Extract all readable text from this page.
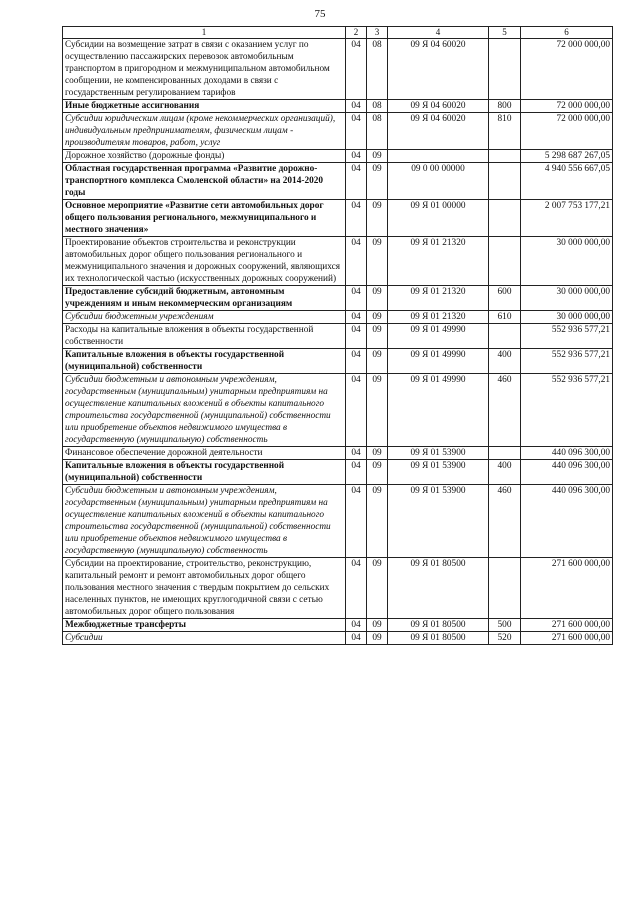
75
1	2	3	4	5	6
Субсидии на возмещение затрат в связи с оказанием услуг по осуществлению пассажирских перевозок автомобильным транспортом в пригородном и межмуниципальном автомобильном сообщении, не компенсированных доходами в связи с государственным регулированием тарифов	04	08	09 Я 04 60020		72 000 000,00
Иные бюджетные ассигнования	04	08	09 Я 04 60020	800	72 000 000,00
Субсидии юридическим лицам (кроме некоммерческих организаций), индивидуальным предпринимателям, физическим лицам - производителям товаров, работ, услуг	04	08	09 Я 04 60020	810	72 000 000,00
Дорожное хозяйство (дорожные фонды)	04	09			5 298 687 267,05
Областная государственная программа «Развитие дорожно-транспортного комплекса Смоленской области» на 2014-2020 годы	04	09	09 0 00 00000		4 940 556 667,05
Основное мероприятие «Развитие сети автомобильных дорог общего пользования регионального, межмуниципального и местного значения»	04	09	09 Я 01 00000		2 007 753 177,21
Проектирование объектов строительства и реконструкции автомобильных дорог общего пользования регионального и межмуниципального значения и дорожных сооружений, являющихся их технологической частью (искусственных дорожных сооружений)	04	09	09 Я 01 21320		30 000 000,00
Предоставление субсидий бюджетным, автономным учреждениям и иным некоммерческим организациям	04	09	09 Я 01 21320	600	30 000 000,00
Субсидии бюджетным учреждениям	04	09	09 Я 01 21320	610	30 000 000,00
Расходы на капитальные вложения в объекты государственной собственности	04	09	09 Я 01 49990		552 936 577,21
Капитальные вложения в объекты государственной (муниципальной) собственности	04	09	09 Я 01 49990	400	552 936 577,21
Субсидии бюджетным и автономным учреждениям, государственным (муниципальным) унитарным предприятиям на осуществление капитальных вложений в объекты капитального строительства государственной (муниципальной) собственности или приобретение объектов недвижимого имущества в государственную (муниципальную) собственность	04	09	09 Я 01 49990	460	552 936 577,21
Финансовое обеспечение дорожной деятельности	04	09	09 Я 01 53900		440 096 300,00
Капитальные вложения в объекты государственной (муниципальной) собственности	04	09	09 Я 01 53900	400	440 096 300,00
Субсидии бюджетным и автономным учреждениям, государственным (муниципальным) унитарным предприятиям на осуществление капитальных вложений в объекты капитального строительства государственной (муниципальной) собственности или приобретение объектов недвижимого имущества в государственную (муниципальную) собственность	04	09	09 Я 01 53900	460	440 096 300,00
Субсидии на проектирование, строительство, реконструкцию, капитальный ремонт и ремонт автомобильных дорог общего пользования местного значения с твердым покрытием до сельских населенных пунктов, не имеющих круглогодичной связи с сетью автомобильных дорог общего пользования	04	09	09 Я 01 80500		271 600 000,00
Межбюджетные трансферты	04	09	09 Я 01 80500	500	271 600 000,00
Субсидии	04	09	09 Я 01 80500	520	271 600 000,00
